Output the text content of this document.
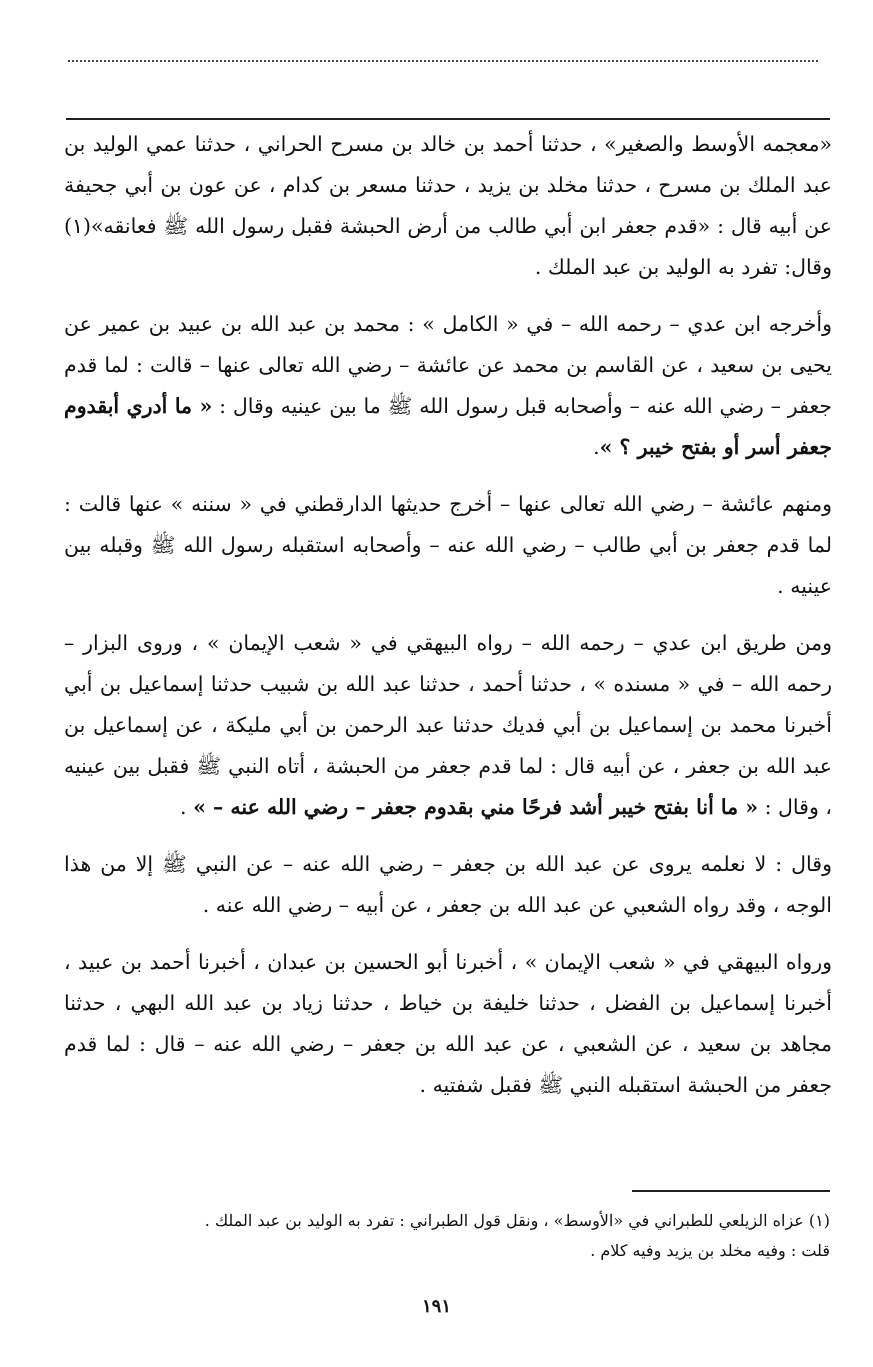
«معجمه الأوسط والصغير» ، حدثنا أحمد بن خالد بن مسرح الحراني ، حدثنا عمي الوليد بن عبد الملك بن مسرح ، حدثنا مخلد بن يزيد ، حدثنا مسعر بن كدام ، عن عون بن أبي جحيفة عن أبيه قال : «قدم جعفر ابن أبي طالب من أرض الحبشة فقبل رسول الله ﷺ فعانقه»(١) وقال: تفرد به الوليد بن عبد الملك .

وأخرجه ابن عدي – رحمه الله – في « الكامل » : محمد بن عبد الله بن عبيد بن عمير عن يحيى بن سعيد ، عن القاسم بن محمد عن عائشة – رضي الله تعالى عنها – قالت : لما قدم جعفر – رضي الله عنه – وأصحابه قبل رسول الله ﷺ ما بين عينيه وقال : « ما أدري أبقدوم جعفر أسر أو بفتح خيبر ؟ ».

ومنهم عائشة – رضي الله تعالى عنها – أخرج حديثها الدارقطني في « سننه » عنها قالت : لما قدم جعفر بن أبي طالب – رضي الله عنه – وأصحابه استقبله رسول الله ﷺ وقبله بين عينيه .

ومن طريق ابن عدي – رحمه الله – رواه البيهقي في « شعب الإيمان » ، وروى البزار – رحمه الله – في « مسنده » ، حدثنا أحمد ، حدثنا عبد الله بن شبيب حدثنا إسماعيل بن أبي أخبرنا محمد بن إسماعيل بن أبي فديك حدثنا عبد الرحمن بن أبي مليكة ، عن إسماعيل بن عبد الله بن جعفر ، عن أبيه قال : لما قدم جعفر من الحبشة ، أتاه النبي ﷺ فقبل بين عينيه ، وقال : « ما أنا بفتح خيبر أشد فرحًا مني بقدوم جعفر – رضي الله عنه – » .

وقال : لا نعلمه يروى عن عبد الله بن جعفر – رضي الله عنه – عن النبي ﷺ إلا من هذا الوجه ، وقد رواه الشعبي عن عبد الله بن جعفر ، عن أبيه – رضي الله عنه .

ورواه البيهقي في « شعب الإيمان » ، أخبرنا أبو الحسين بن عبدان ، أخبرنا أحمد بن عبيد ، أخبرنا إسماعيل بن الفضل ، حدثنا خليفة بن خياط ، حدثنا زياد بن عبد الله البهي ، حدثنا مجاهد بن سعيد ، عن الشعبي ، عن عبد الله بن جعفر – رضي الله عنه – قال : لما قدم جعفر من الحبشة استقبله النبي ﷺ فقبل شفتيه .

(١) عزاه الزيلعي للطبراني في «الأوسط» ، ونقل قول الطبراني : تفرد به الوليد بن عبد الملك .

قلت : وفيه مخلد بن يزيد وفيه كلام .

١٩١
